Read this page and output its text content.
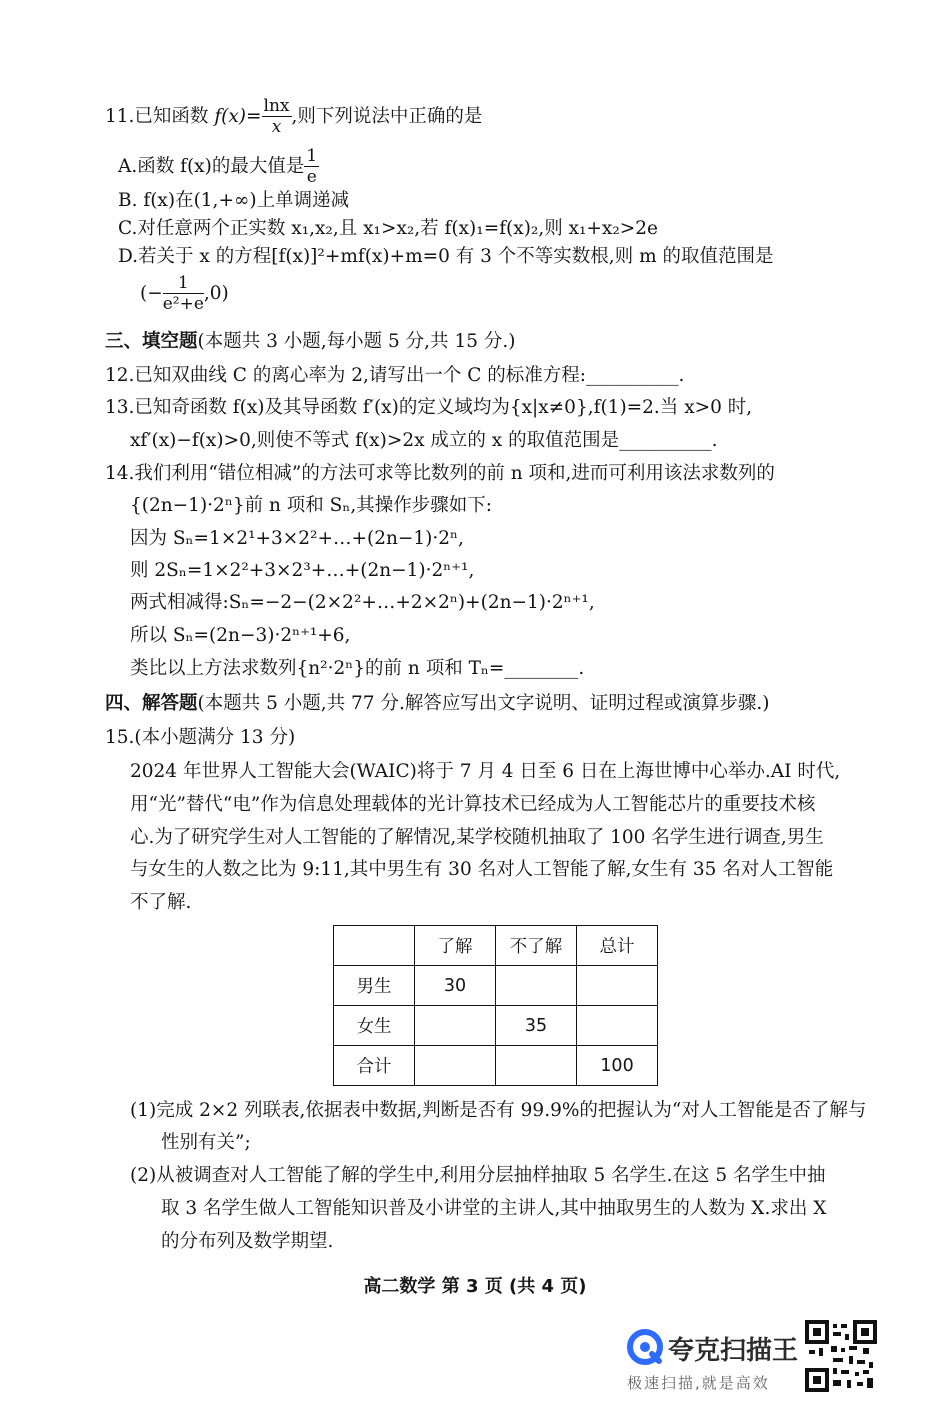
11.已知函数 $f(x)= \frac{\ln x}{x}$ ,则下列说法中正确的是
A.函数 f(x)的最大值是 $\frac{1}{e}$
B. f(x)在(1,+∞)上单调递减
C.对任意两个正实数 x₁,x₂,且 x₁>x₂,若 f(x)₁=f(x)₂,则 x₁+x₂>2e
D.若关于 x 的方程[f(x)]²+mf(x)+m=0 有 3 个不等实数根,则 m 的取值范围是
(− $\frac{1}{\text{e²+e}} ,0$)
三、填空题(本题共 3 小题,每小题 5 分,共 15 分.)
12.已知双曲线 C 的离心率为 2,请写出一个 C 的标准方程:__________.
13.已知奇函数 f(x)及其导函数 f′(x)的定义域均为{x|x≠0},f(1)=2.当 x>0 时,
xf′(x)−f(x)>0,则使不等式 f(x)>2x 成立的 x 的取值范围是__________.
14.我们利用“错位相减”的方法可求等比数列的前 n 项和,进而可利用该法求数列的
{(2n−1)·2ⁿ}前 n 项和 Sₙ,其操作步骤如下:
因为 Sₙ=1×2¹+3×2²+…+(2n−1)·2ⁿ,
则 2Sₙ=1×2²+3×2³+…+(2n−1)·2ⁿ⁺¹,
两式相减得:Sₙ=−2−(2×2²+…+2×2ⁿ)+(2n−1)·2ⁿ⁺¹,
所以 Sₙ=(2n−3)·2ⁿ⁺¹+6,
类比以上方法求数列{n²·2ⁿ}的前 n 项和 Tₙ=________.
四、解答题(本题共 5 小题,共 77 分.解答应写出文字说明、证明过程或演算步骤.)
15.(本小题满分 13 分)
2024 年世界人工智能大会(WAIC)将于 7 月 4 日至 6 日在上海世博中心举办.AI 时代,
用“光”替代“电”作为信息处理载体的光计算技术已经成为人工智能芯片的重要技术核
心.为了研究学生对人工智能的了解情况,某学校随机抽取了 100 名学生进行调查,男生
与女生的人数之比为 9:11,其中男生有 30 名对人工智能了解,女生有 35 名对人工智能
不了解.
	了解	不了解	总计
男生	30		
女生		35	
合计			100
(1)完成 2×2 列联表,依据表中数据,判断是否有 99.9%的把握认为“对人工智能是否了解与
性别有关”;
(2)从被调查对人工智能了解的学生中,利用分层抽样抽取 5 名学生.在这 5 名学生中抽
取 3 名学生做人工智能知识普及小讲堂的主讲人,其中抽取男生的人数为 X.求出 X
的分布列及数学期望.
高二数学 第 3 页 (共 4 页)
夸克扫描王
极速扫描,就是高效
